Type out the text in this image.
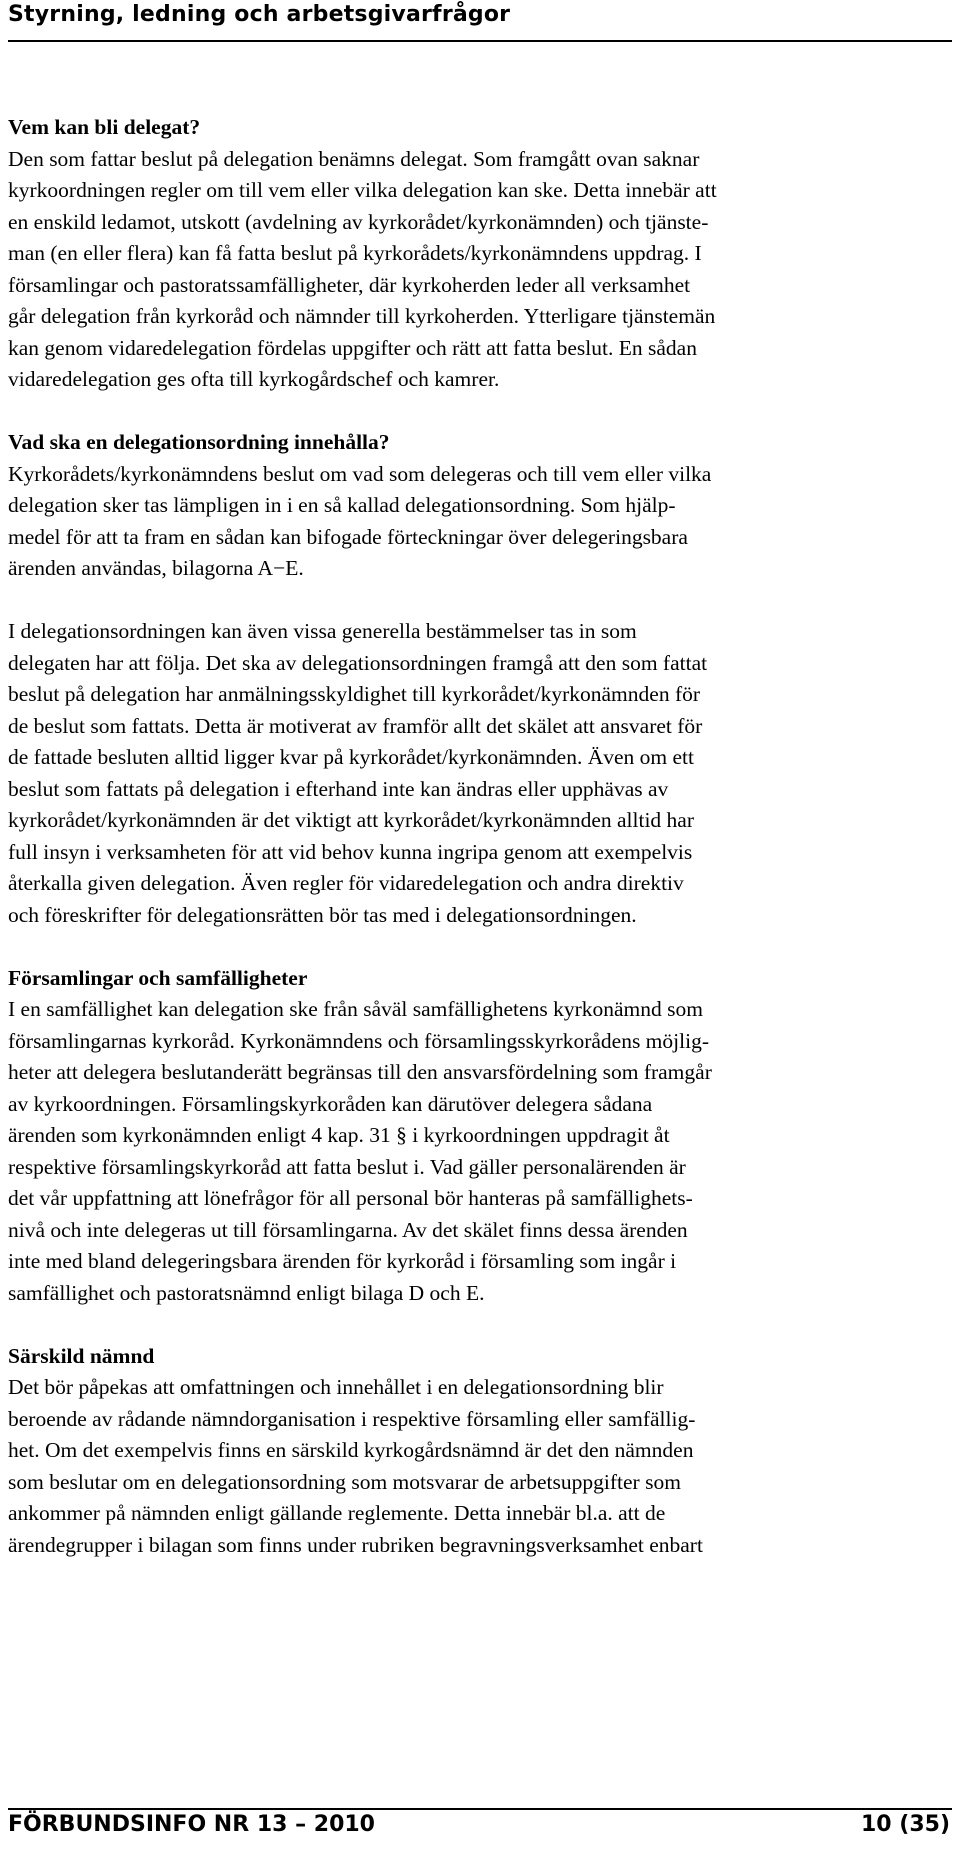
Styrning, ledning och arbetsgivarfrågor
Vem kan bli delegat?
Den som fattar beslut på delegation benämns delegat. Som framgått ovan saknar
kyrkoordningen regler om till vem eller vilka delegation kan ske. Detta innebär att
en enskild ledamot, utskott (avdelning av kyrkorådet/kyrkonämnden) och tjänste-
man (en eller flera) kan få fatta beslut på kyrkorådets/kyrkonämndens uppdrag. I
församlingar och pastoratssamfälligheter, där kyrkoherden leder all verksamhet
går delegation från kyrkoråd och nämnder till kyrkoherden. Ytterligare tjänstemän
kan genom vidaredelegation fördelas uppgifter och rätt att fatta beslut. En sådan
vidaredelegation ges ofta till kyrkogårdschef och kamrer.
Vad ska en delegationsordning innehålla?
Kyrkorådets/kyrkonämndens beslut om vad som delegeras och till vem eller vilka
delegation sker tas lämpligen in i en så kallad delegationsordning. Som hjälp-
medel för att ta fram en sådan kan bifogade förteckningar över delegeringsbara
ärenden användas, bilagorna A−E.
I delegationsordningen kan även vissa generella bestämmelser tas in som
delegaten har att följa. Det ska av delegationsordningen framgå att den som fattat
beslut på delegation har anmälningsskyldighet till kyrkorådet/kyrkonämnden för
de beslut som fattats. Detta är motiverat av framför allt det skälet att ansvaret för
de fattade besluten alltid ligger kvar på kyrkorådet/kyrkonämnden. Även om ett
beslut som fattats på delegation i efterhand inte kan ändras eller upphävas av
kyrkorådet/kyrkonämnden är det viktigt att kyrkorådet/kyrkonämnden alltid har
full insyn i verksamheten för att vid behov kunna ingripa genom att exempelvis
återkalla given delegation. Även regler för vidaredelegation och andra direktiv
och föreskrifter för delegationsrätten bör tas med i delegationsordningen.
Församlingar och samfälligheter
I en samfällighet kan delegation ske från såväl samfällighetens kyrkonämnd som
församlingarnas kyrkoråd. Kyrkonämndens och församlingsskyrkorådens möjlig-
heter att delegera beslutanderätt begränsas till den ansvarsfördelning som framgår
av kyrkoordningen. Församlingskyrkoråden kan därutöver delegera sådana
ärenden som kyrkonämnden enligt 4 kap. 31 § i kyrkoordningen uppdragit åt
respektive församlingskyrkoråd att fatta beslut i. Vad gäller personalärenden är
det vår uppfattning att lönefrågor för all personal bör hanteras på samfällighets-
nivå och inte delegeras ut till församlingarna. Av det skälet finns dessa ärenden
inte med bland delegeringsbara ärenden för kyrkoråd i församling som ingår i
samfällighet och pastoratsnämnd enligt bilaga D och E.
Särskild nämnd
Det bör påpekas att omfattningen och innehållet i en delegationsordning blir
beroende av rådande nämndorganisation i respektive församling eller samfällig-
het. Om det exempelvis finns en särskild kyrkogårdsnämnd är det den nämnden
som beslutar om en delegationsordning som motsvarar de arbetsuppgifter som
ankommer på nämnden enligt gällande reglemente. Detta innebär bl.a. att de
ärendegrupper i bilagan som finns under rubriken begravningsverksamhet enbart
FÖRBUNDSINFO NR 13 – 2010	10 (35)
